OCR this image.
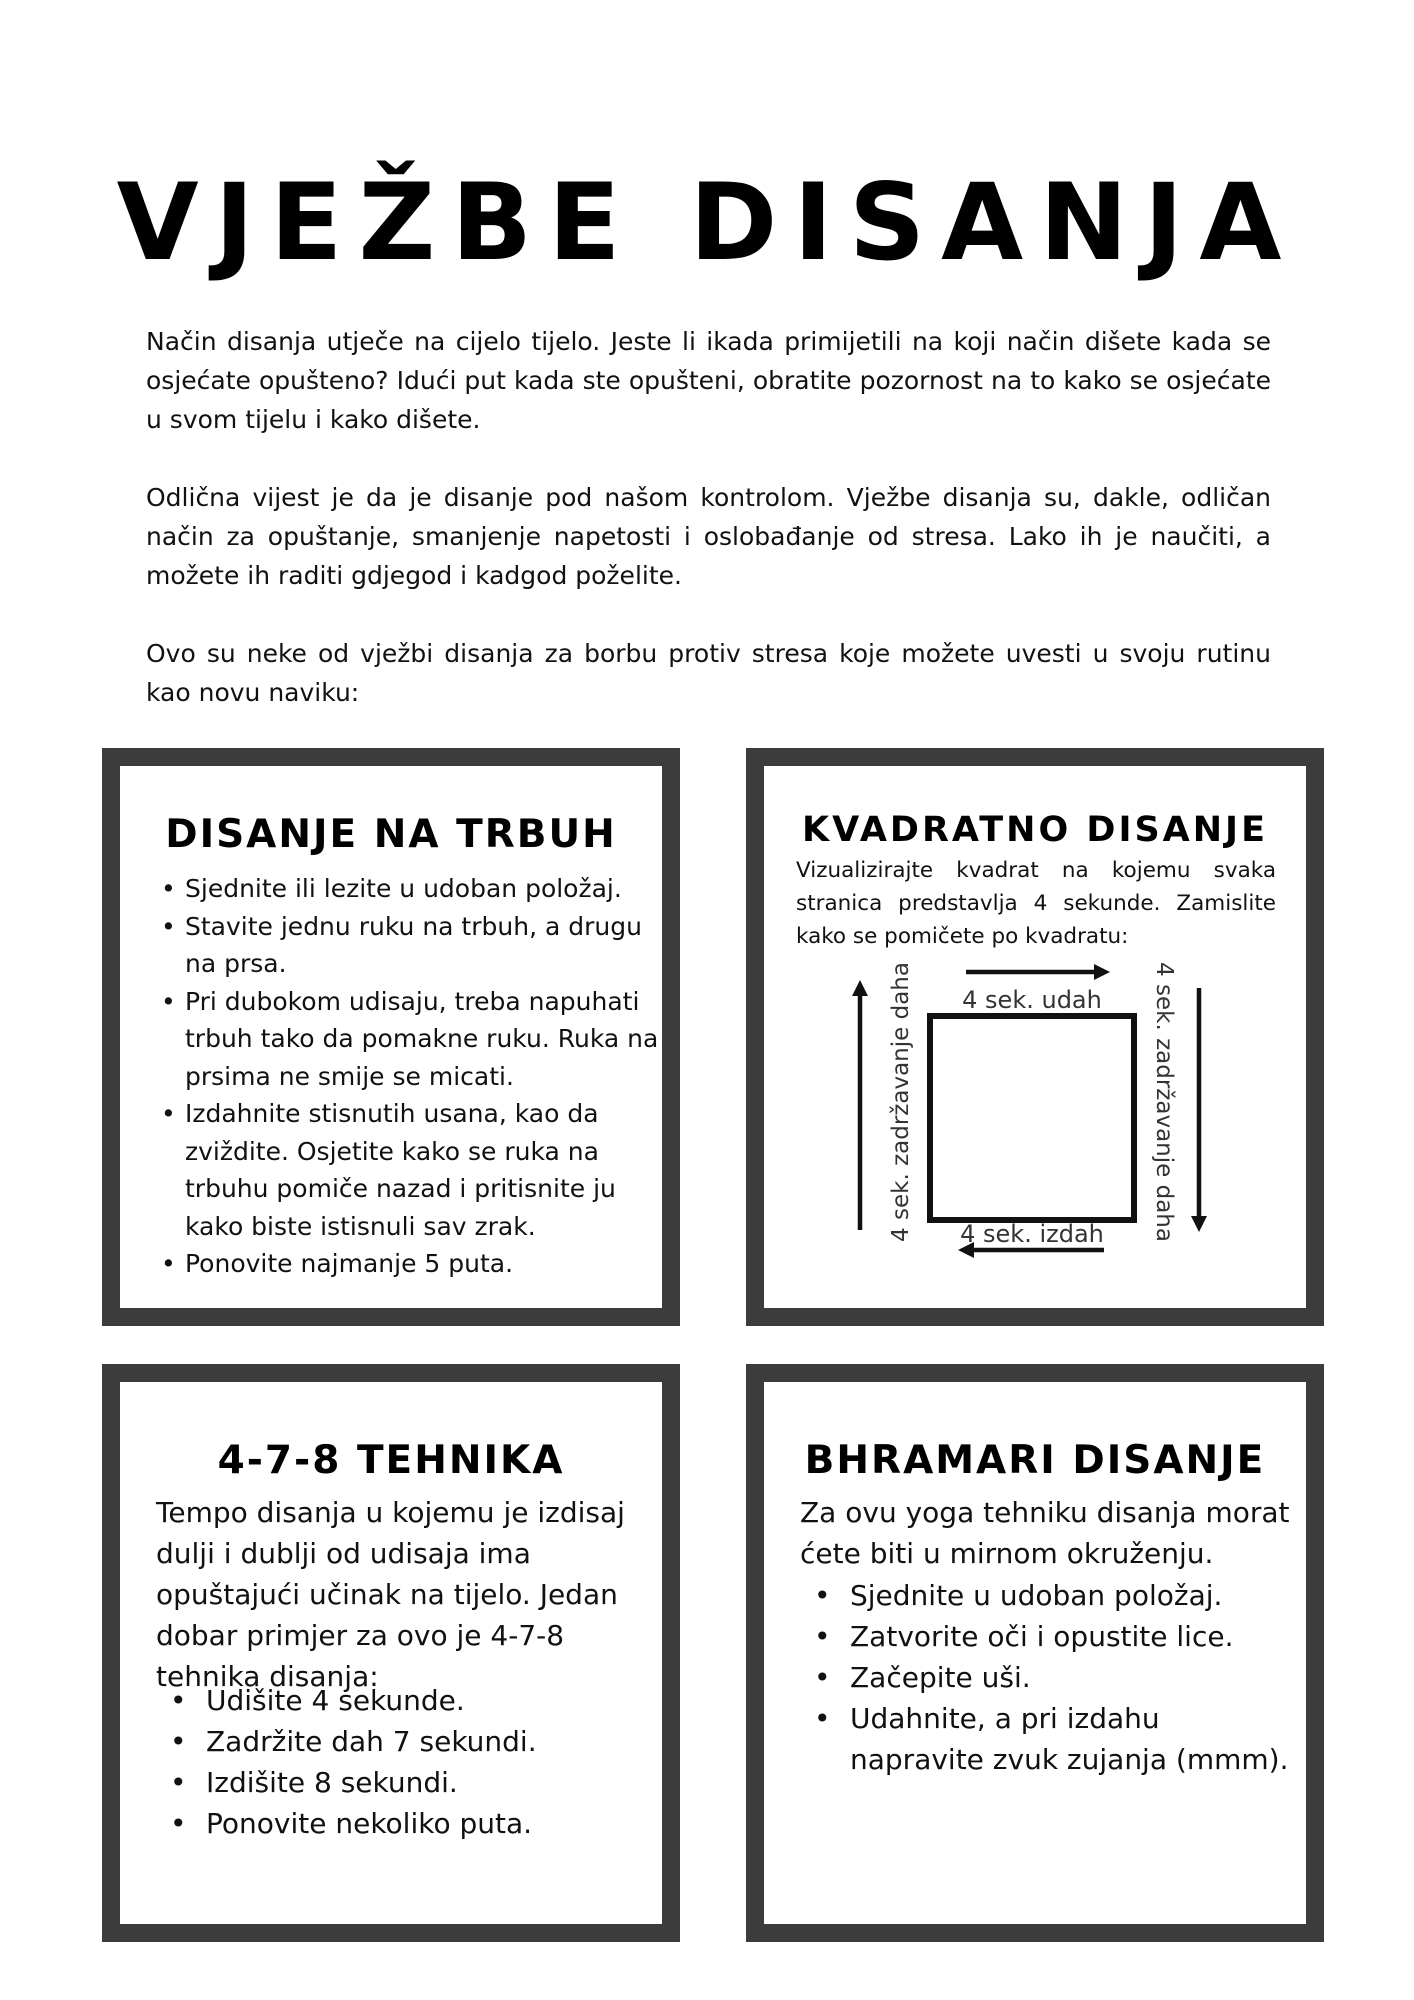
VJEŽBE DISANJA

Način disanja utječe na cijelo tijelo. Jeste li ikada primijetili na koji način dišete kada se osjećate opušteno? Idući put kada ste opušteni, obratite pozornost na to kako se osjećate u svom tijelu i kako dišete.

Odlična vijest je da je disanje pod našom kontrolom. Vježbe disanja su, dakle, odličan način za opuštanje, smanjenje napetosti i oslobađanje od stresa. Lako ih je naučiti, a možete ih raditi gdjegod i kadgod poželite.

Ovo su neke od vježbi disanja za borbu protiv stresa koje možete uvesti u svoju rutinu kao novu naviku:

DISANJE NA TRBUH
• Sjednite ili lezite u udoban položaj.
• Stavite jednu ruku na trbuh, a drugu na prsa.
• Pri dubokom udisaju, treba napuhati trbuh tako da pomakne ruku. Ruka na prsima ne smije se micati.
• Izdahnite stisnutih usana, kao da zviždite. Osjetite kako se ruka na trbuhu pomiče nazad i pritisnite ju kako biste istisnuli sav zrak.
• Ponovite najmanje 5 puta.
KVADRATNO DISANJE

Vizualizirajte kvadrat na kojemu svaka stranica predstavlja 4 sekunde. Zamislite kako se pomičete po kvadratu:

4 sek. udah
4 sek. izdah 4 sek. zadržavanje daha
4 sek. zadržavanje daha
4-7-8 TEHNIKA

Tempo disanja u kojemu je izdisaj dulji i dublji od udisaja ima opuštajući učinak na tijelo. Jedan dobar primjer za ovo je 4-7-8 tehnika disanja:

• Udišite 4 sekunde.
• Zadržite dah 7 sekundi.
• Izdišite 8 sekundi.
• Ponovite nekoliko puta.
BHRAMARI DISANJE

Za ovu yoga tehniku disanja morat ćete biti u mirnom okruženju.

• Sjednite u udoban položaj.
• Zatvorite oči i opustite lice.
• Začepite uši.
• Udahnite, a pri izdahu napravite zvuk zujanja (mmm).
